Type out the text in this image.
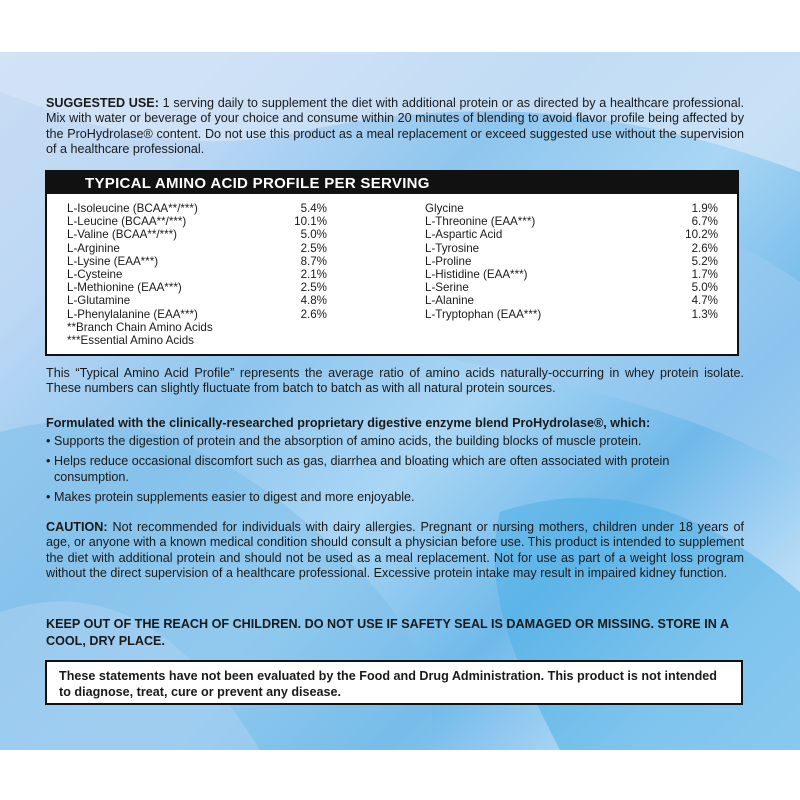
SUGGESTED USE: 1 serving daily to supplement the diet with additional protein or as directed by a healthcare professional. Mix with water or beverage of your choice and consume within 20 minutes of blending to avoid flavor profile being affected by the ProHydrolase® content. Do not use this product as a meal replacement or exceed suggested use without the supervision of a healthcare professional.
TYPICAL AMINO ACID PROFILE PER SERVING
L-Isoleucine (BCAA**/***)	5.4%
L-Leucine (BCAA**/***)	10.1%
L-Valine (BCAA**/***)	5.0%
L-Arginine	2.5%
L-Lysine (EAA***)	8.7%
L-Cysteine	2.1%
L-Methionine (EAA***)	2.5%
L-Glutamine	4.8%
L-Phenylalanine (EAA***)	2.6%
Glycine	1.9%
L-Threonine (EAA***)	6.7%
L-Aspartic Acid	10.2%
L-Tyrosine	2.6%
L-Proline	5.2%
L-Histidine (EAA***)	1.7%
L-Serine	5.0%
L-Alanine	4.7%
L-Tryptophan (EAA***)	1.3%
**Branch Chain Amino Acids
***Essential Amino Acids
This “Typical Amino Acid Profile” represents the average ratio of amino acids naturally-occurring in whey protein isolate. These numbers can slightly fluctuate from batch to batch as with all natural protein sources.
Formulated with the clinically-researched proprietary digestive enzyme blend ProHydrolase®, which:
• Supports the digestion of protein and the absorption of amino acids, the building blocks of muscle protein.
• Helps reduce occasional discomfort such as gas, diarrhea and bloating which are often associated with protein consumption.
• Makes protein supplements easier to digest and more enjoyable.
CAUTION: Not recommended for individuals with dairy allergies. Pregnant or nursing mothers, children under 18 years of age, or anyone with a known medical condition should consult a physician before use. This product is intended to supplement the diet with additional protein and should not be used as a meal replacement. Not for use as part of a weight loss program without the direct supervision of a healthcare professional. Excessive protein intake may result in impaired kidney function.
KEEP OUT OF THE REACH OF CHILDREN. DO NOT USE IF SAFETY SEAL IS DAMAGED OR MISSING. STORE IN A COOL, DRY PLACE.
These statements have not been evaluated by the Food and Drug Administration. This product is not intended to diagnose, treat, cure or prevent any disease.
